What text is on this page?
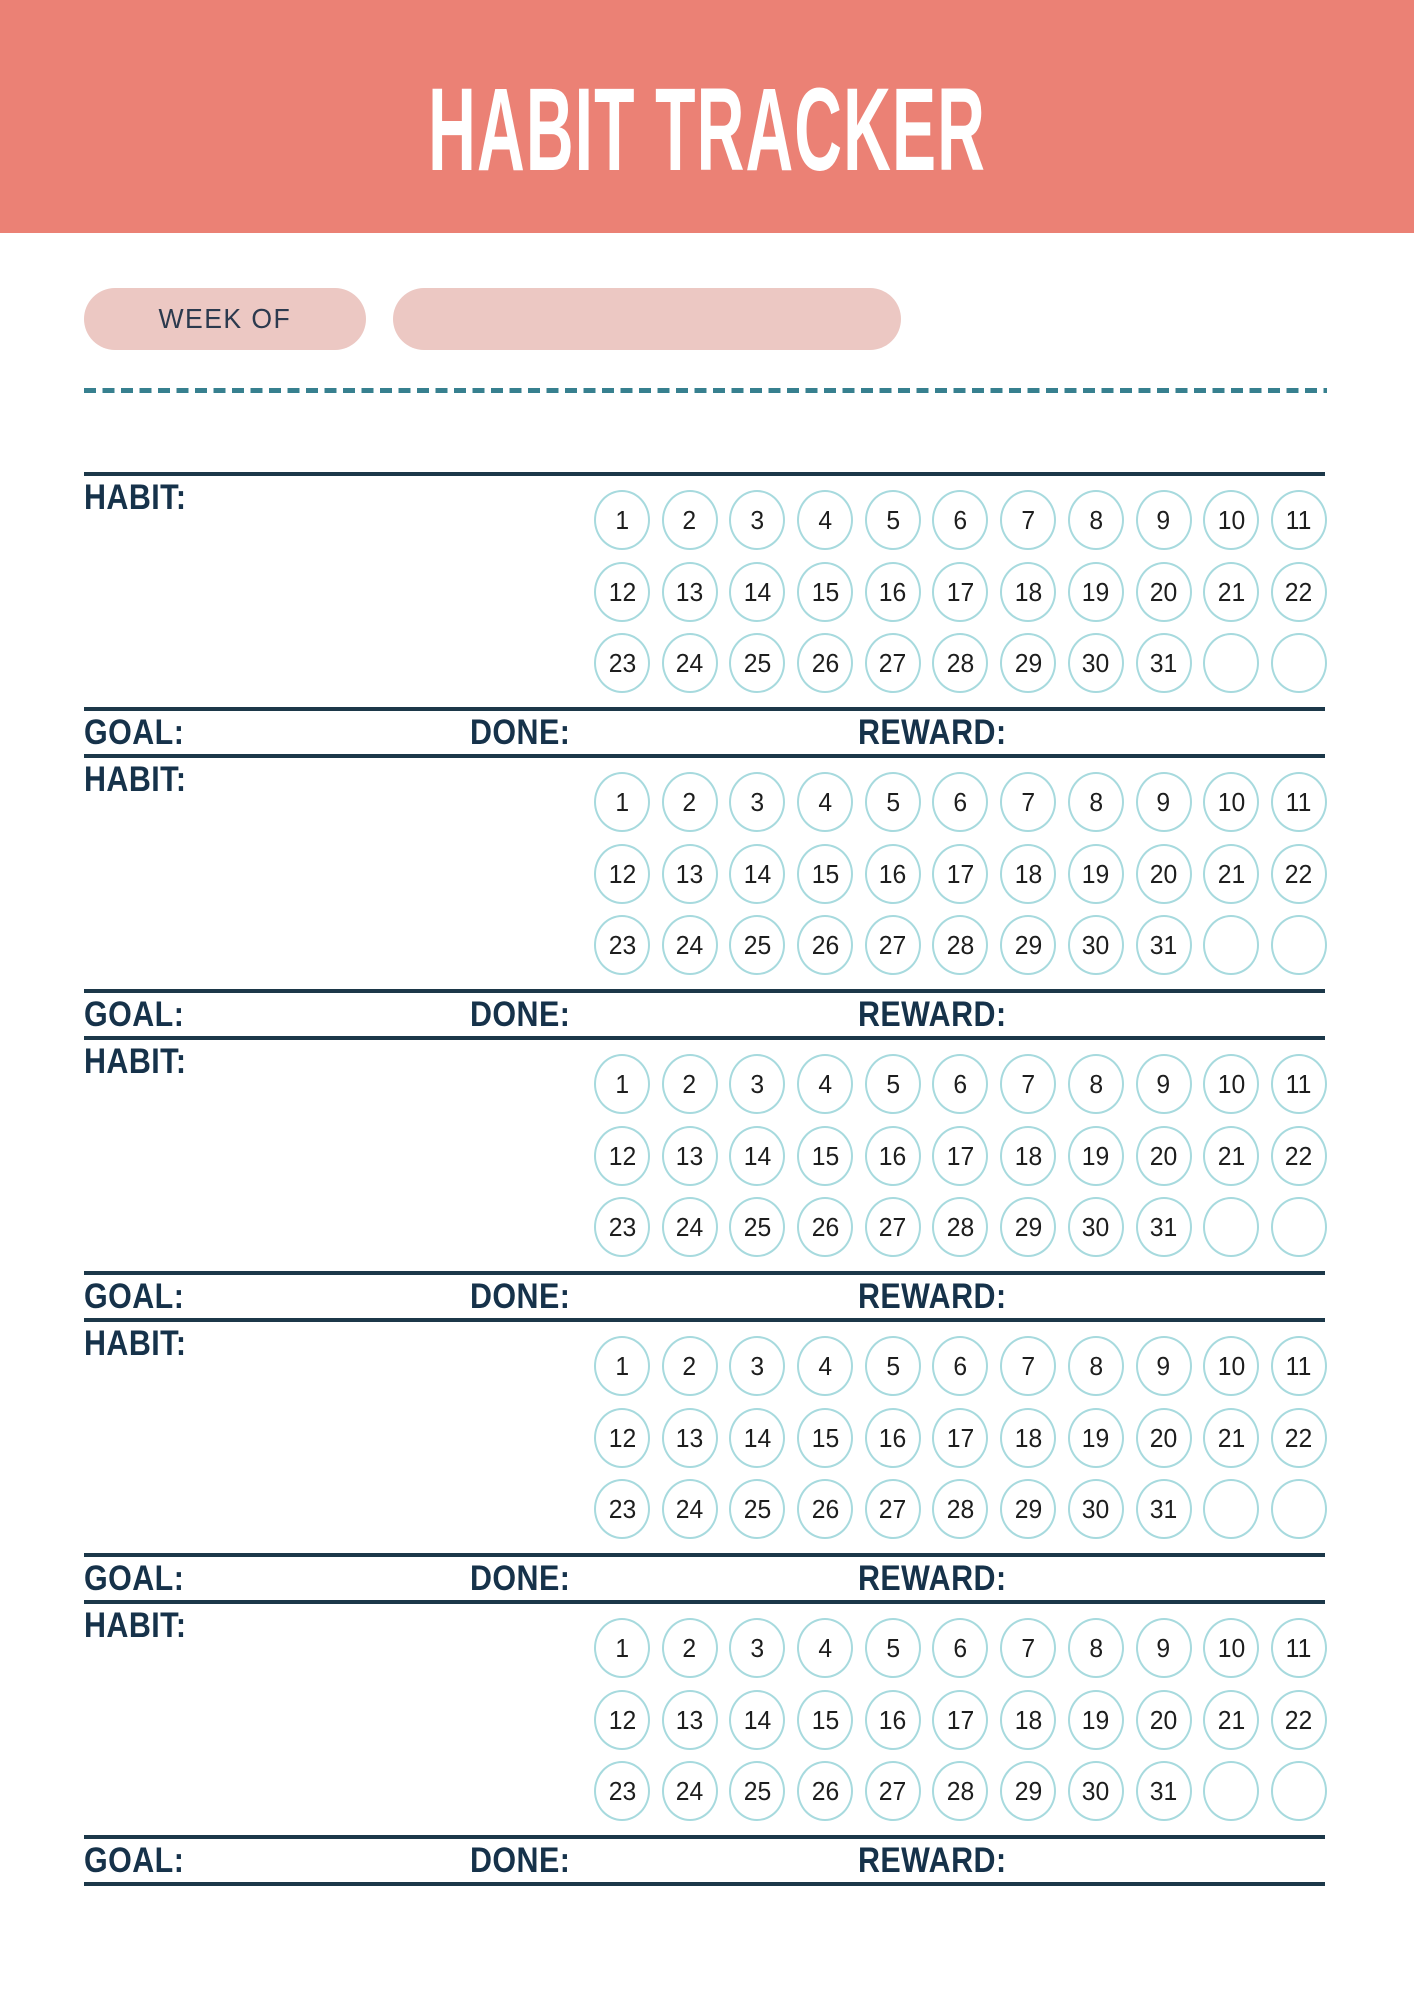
HABIT TRACKER
WEEK OF
HABIT:
1 2 3 4 5 6 7 8 9 10 11
12 13 14 15 16 17 18 19 20 21 22
23 24 25 26 27 28 29 30 31
GOAL:	DONE:	REWARD:
HABIT:
1 2 3 4 5 6 7 8 9 10 11
12 13 14 15 16 17 18 19 20 21 22
23 24 25 26 27 28 29 30 31
GOAL:	DONE:	REWARD:
HABIT:
1 2 3 4 5 6 7 8 9 10 11
12 13 14 15 16 17 18 19 20 21 22
23 24 25 26 27 28 29 30 31
GOAL:	DONE:	REWARD:
HABIT:
1 2 3 4 5 6 7 8 9 10 11
12 13 14 15 16 17 18 19 20 21 22
23 24 25 26 27 28 29 30 31
GOAL:	DONE:	REWARD:
HABIT:
1 2 3 4 5 6 7 8 9 10 11
12 13 14 15 16 17 18 19 20 21 22
23 24 25 26 27 28 29 30 31
GOAL:	DONE:	REWARD:
